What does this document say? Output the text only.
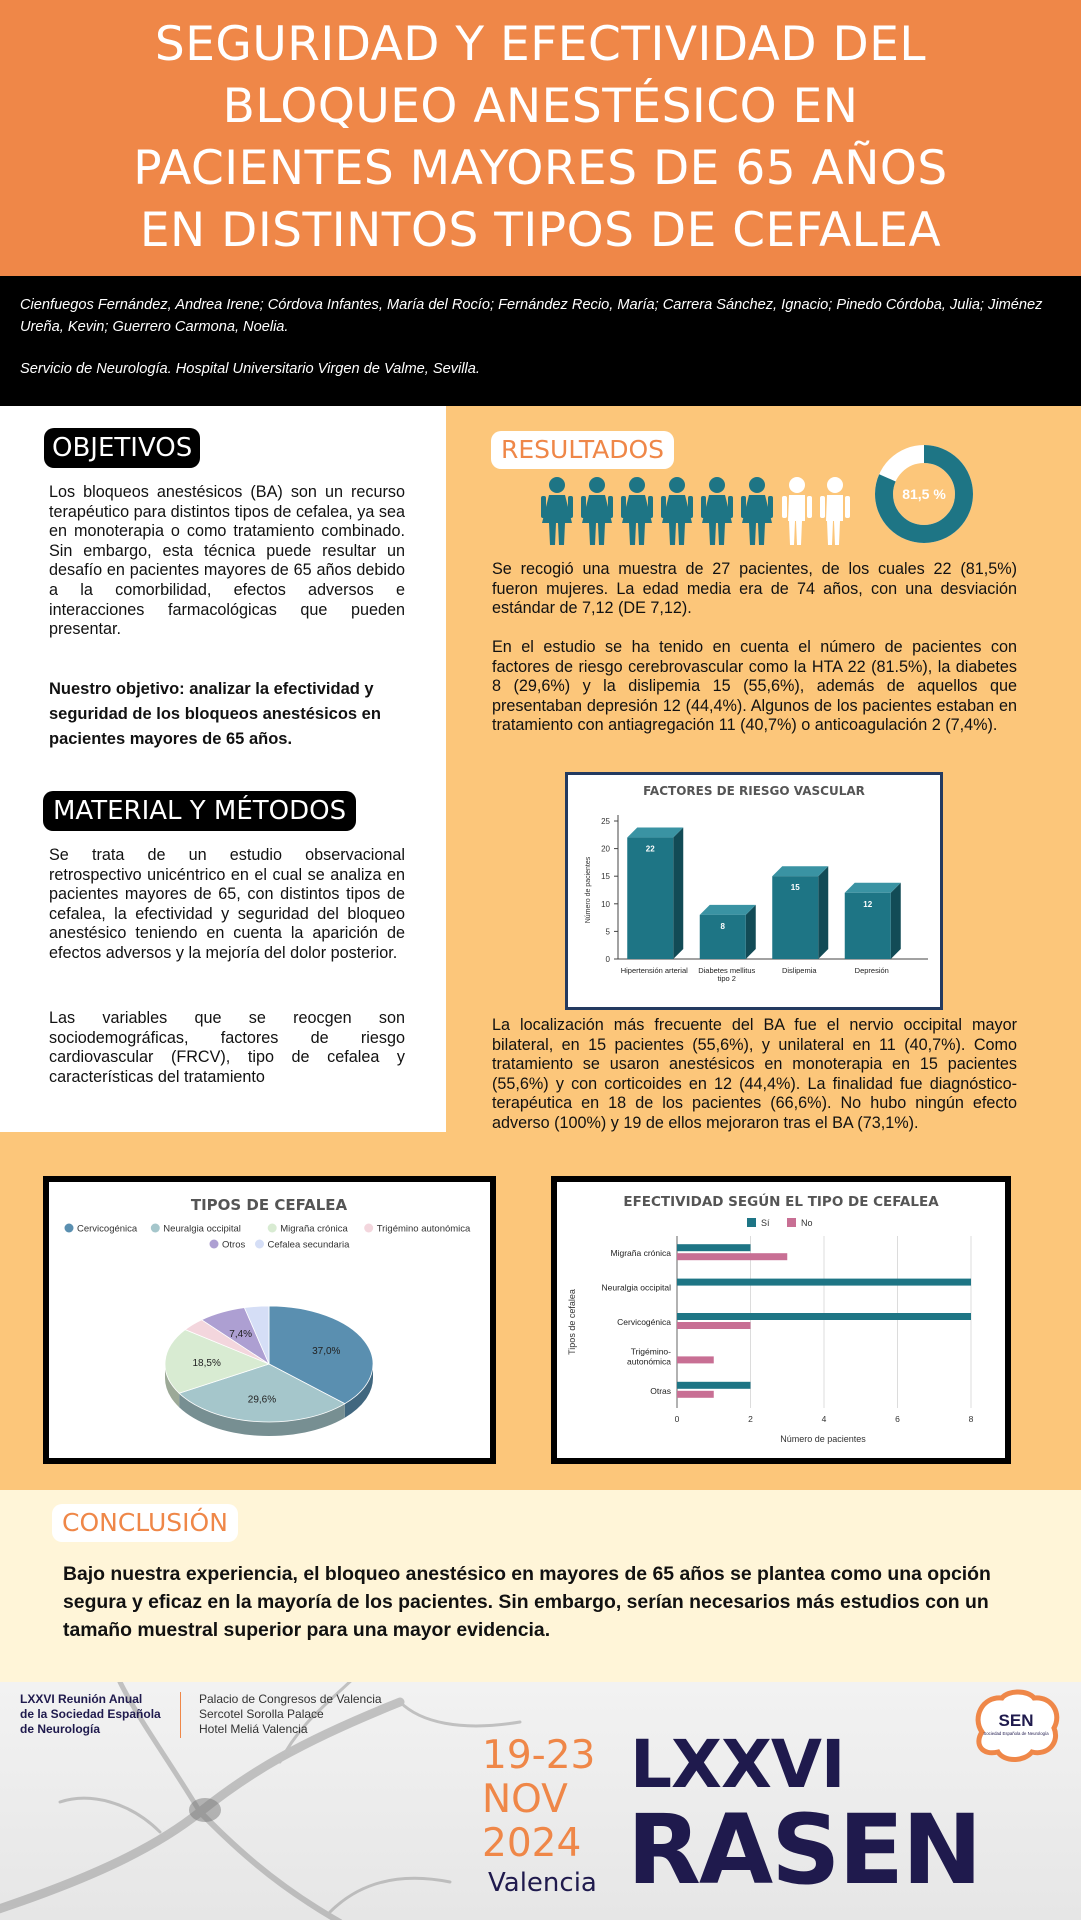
SEGURIDAD Y EFECTIVIDAD DEL
BLOQUEO ANESTÉSICO EN
PACIENTES MAYORES DE 65 AÑOS
EN DISTINTOS TIPOS DE CEFALEA

Cienfuegos Fernández, Andrea Irene; Córdova Infantes, María del Rocío; Fernández Recio, María; Carrera Sánchez, Ignacio; Pinedo Córdoba, Julia; Jiménez Ureña, Kevin; Guerrero Carmona, Noelia.

Servicio de Neurología. Hospital Universitario Virgen de Valme, Sevilla.

OBJETIVOS
Los bloqueos anestésicos (BA) son un recurso terapéutico para distintos tipos de cefalea, ya sea en monoterapia o como tratamiento combinado. Sin embargo, esta técnica puede resultar un desafío en pacientes mayores de 65 años debido a la comorbilidad, efectos adversos e interacciones farmacológicas que pueden presentar.
Nuestro objetivo: analizar la efectividad y seguridad de los bloqueos anestésicos en pacientes mayores de 65 años.
MATERIAL Y MÉTODOS
Se trata de un estudio observacional retrospectivo unicéntrico en el cual se analiza en pacientes mayores de 65, con distintos tipos de cefalea, la efectividad y seguridad del bloqueo anestésico teniendo en cuenta la aparición de efectos adversos y la mejoría del dolor posterior.
Las variables que se reocgen son sociodemográficas, factores de riesgo cardiovascular (FRCV), tipo de cefalea y características del tratamiento
RESULTADOS
81,5 %
Se recogió una muestra de 27 pacientes, de los cuales 22 (81,5%) fueron mujeres. La edad media era de 74 años, con una desviación estándar de 7,12 (DE 7,12).
En el estudio se ha tenido en cuenta el número de pacientes con factores de riesgo cerebrovascular como la HTA 22 (81.5%), la diabetes 8 (29,6%) y la dislipemia 15 (55,6%), además de aquellos que presentaban depresión 12 (44,4%). Algunos de los pacientes estaban en tratamiento con antiagregación 11 (40,7%) o anticoagulación 2 (7,4%).
FACTORES DE RIESGO VASCULAR
0
5
10
15
20
25
Número de pacientes
22
Hipertensión arterial
8
Diabetes mellitus
tipo 2
15
Dislipemia
12
Depresión
La localización más frecuente del BA fue el nervio occipital mayor bilateral, en 15 pacientes (55,6%), y unilateral en 11 (40,7%). Como tratamiento se usaron anestésicos en monoterapia en 15 pacientes (55,6%) y con corticoides en 12 (44,4%). La finalidad fue diagnóstico-terapéutica en 18 de los pacientes (66,6%). No hubo ningún efecto adverso (100%) y 19 de ellos mejoraron tras el BA (73,1%).
TIPOS DE CEFALEA
Cervicogénica	Neuralgia occipital	Migraña crónica	Trigémino autonómica
Otros Cefalea secundaria
37,0%
29,6%
18,5%
7,4%
EFECTIVIDAD SEGÚN EL TIPO DE CEFALEA
Sí	No
0	2	4	6	8
Número de pacientes
Tipos de cefalea
Migraña crónica
Neuralgia occipital
Cervicogénica
Trigémino-
autonómica
Otras
CONCLUSIÓN
Bajo nuestra experiencia, el bloqueo anestésico en mayores de 65 años se plantea como una opción segura y eficaz en la mayoría de los pacientes. Sin embargo, serían necesarios más estudios con un tamaño muestral superior para una mayor evidencia.
LXXVI Reunión Anual
de la Sociedad Española
de Neurología
Palacio de Congresos de Valencia
Sercotel Sorolla Palace
Hotel Meliá Valencia
19-23
NOV
2024
Valencia
LXXVI
RASEN
SEN
Sociedad Española de Neurología
